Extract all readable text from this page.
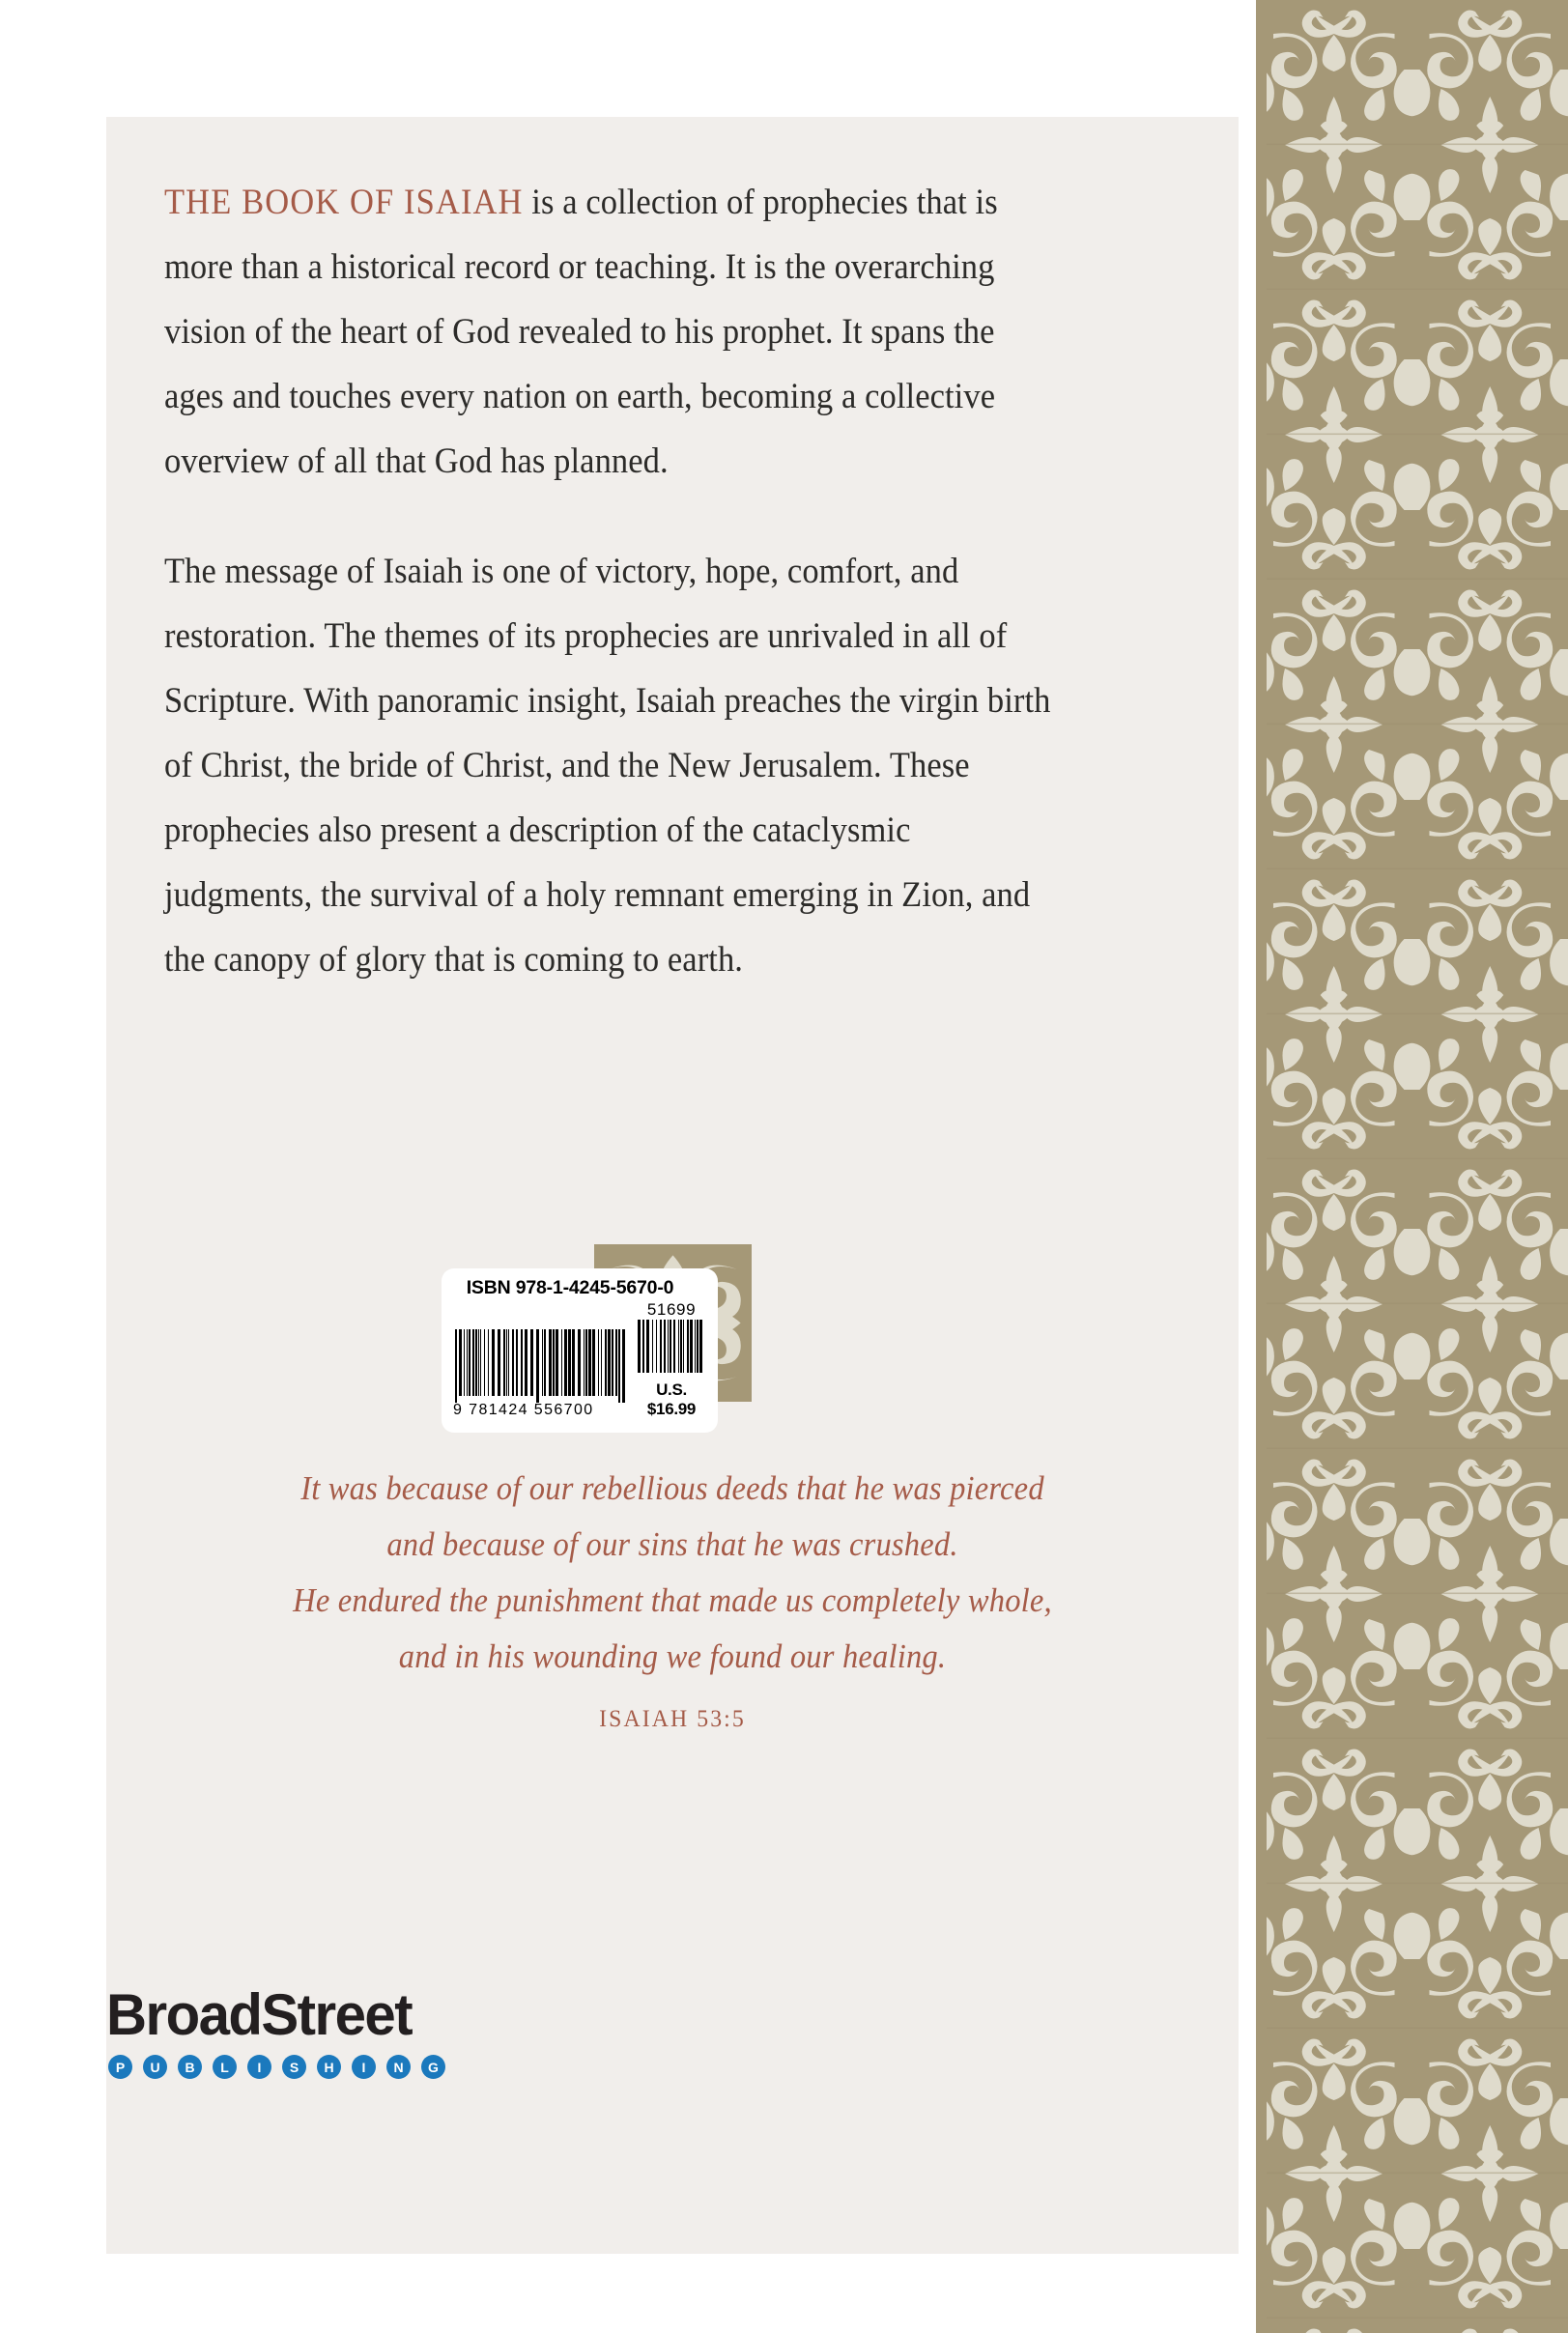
THE BOOK OF ISAIAH is a collection of prophecies that is more than a historical record or teaching. It is the overarching vision of the heart of God revealed to his prophet. It spans the ages and touches every nation on earth, becoming a collective overview of all that God has planned.

The message of Isaiah is one of victory, hope, comfort, and restoration. The themes of its prophecies are unrivaled in all of Scripture. With panoramic insight, Isaiah preaches the virgin birth of Christ, the bride of Christ, and the New Jerusalem. These prophecies also present a description of the cataclysmic judgments, the survival of a holy remnant emerging in Zion, and the canopy of glory that is coming to earth.

It was because of our rebellious deeds that he was pierced
and because of our sins that he was crushed.
He endured the punishment that made us completely whole,
and in his wounding we found our healing.
ISAIAH 53:5
BroadStreet
P	U	B	L	I	S	H	I	N	G
ISBN 978-1-4245-5670-0
9 781424 556700
51699
U.S. $16.99
